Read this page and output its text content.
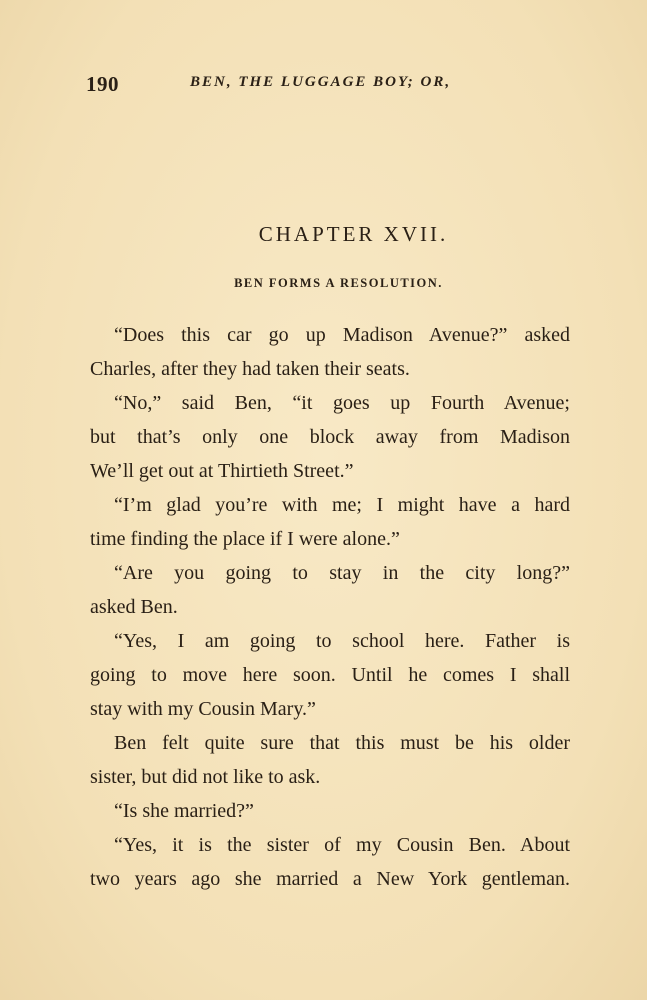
190	BEN, THE LUGGAGE BOY; OR,
CHAPTER XVII.
BEN FORMS A RESOLUTION.
“Does this car go up Madison Avenue?” asked
Charles, after they had taken their seats.
“No,” said Ben, “it goes up Fourth Avenue;
but that’s only one block away from Madison
We’ll get out at Thirtieth Street.”
“I’m glad you’re with me; I might have a hard
time finding the place if I were alone.”
“Are you going to stay in the city long?”
asked Ben.
“Yes, I am going to school here. Father is
going to move here soon. Until he comes I shall
stay with my Cousin Mary.”
Ben felt quite sure that this must be his older
sister, but did not like to ask.
“Is she married?”
“Yes, it is the sister of my Cousin Ben. About
two years ago she married a New York gentleman.
